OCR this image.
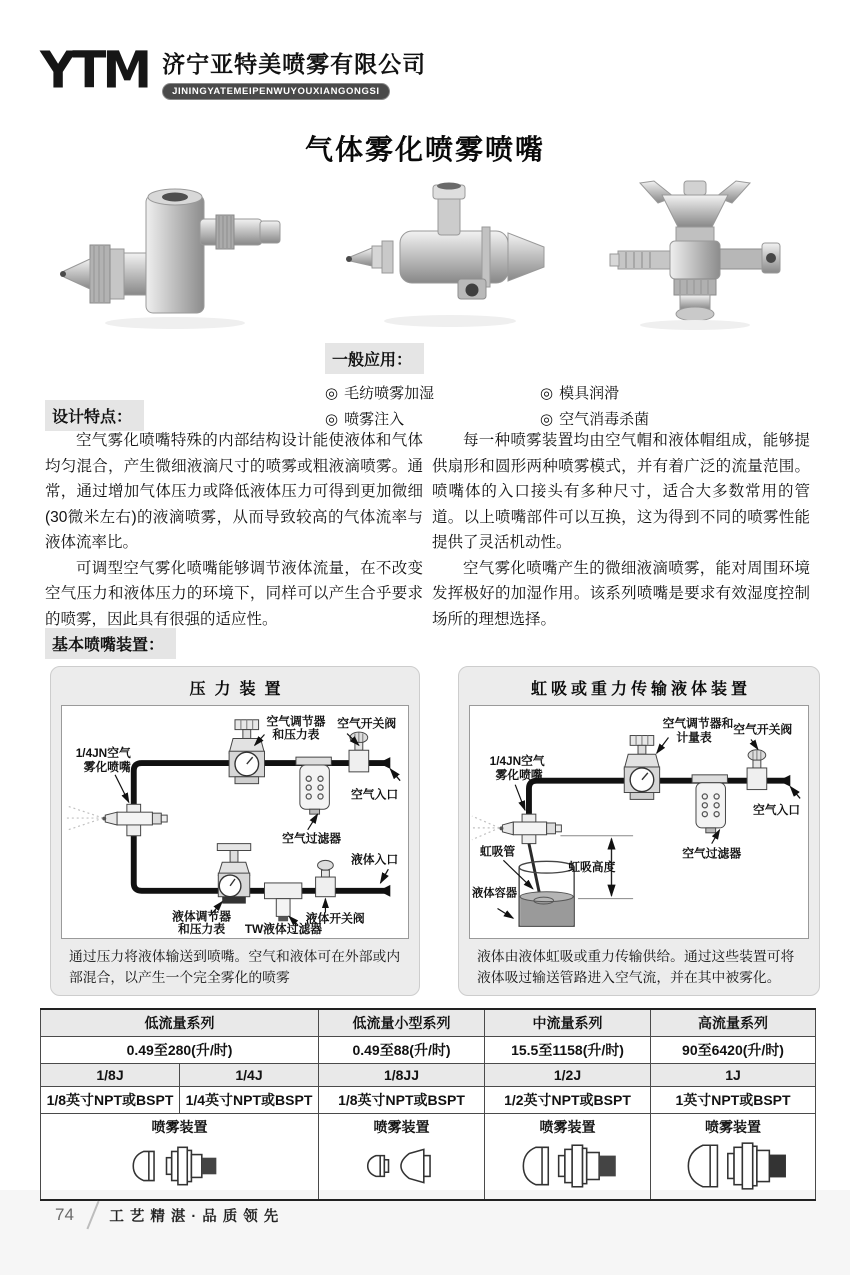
YTM 济宁亚特美喷雾有限公司
JININGYATEMEIPENWUYOUXIANGONGSI
气体雾化喷雾喷嘴
一般应用：
◎ 毛纺喷雾加湿	◎ 模具润滑
◎ 喷雾注入	◎ 空气消毒杀菌
设计特点：

空气雾化喷嘴特殊的内部结构设计能使液体和气体均匀混合，产生微细液滴尺寸的喷雾或粗液滴喷雾。通常，通过增加气体压力或降低液体压力可得到更加微细(30微米左右)的液滴喷雾，从而导致较高的气体流率与液体流率比。

可调型空气雾化喷嘴能够调节液体流量，在不改变空气压力和液体压力的环境下，同样可以产生合乎要求的喷雾，因此具有很强的适应性。

每一种喷雾装置均由空气帽和液体帽组成，能够提供扇形和圆形两种喷雾模式，并有着广泛的流量范围。喷嘴体的入口接头有多种尺寸，适合大多数常用的管道。以上喷嘴部件可以互换，这为得到不同的喷雾性能提供了灵活机动性。

空气雾化喷嘴产生的微细液滴喷雾，能对周围环境发挥极好的加湿作用。该系列喷嘴是要求有效湿度控制场所的理想选择。

基本喷嘴装置：
压力装置
1/4JN空气
雾化喷嘴
空气调节器
和压力表
空气开关阀
空气入口
空气过滤器
液体入口
液体调节器
和压力表 TW液体过滤器
液体开关阀
通过压力将液体输送到喷嘴。空气和液体可在外部或内部混合，以产生一个完全雾化的喷雾
虹吸或重力传输液体装置
1/4JN空气
雾化喷嘴
空气调节器和
计量表
空气开关阀
空气入口
空气过滤器
虹吸管
虹吸高度
液体容器
液体由液体虹吸或重力传输供给。通过这些装置可将液体吸过输送管路进入空气流，并在其中被雾化。
低流量系列		低流量小型系列	中流量系列	高流量系列
0.49至280(升/时)		0.49至88(升/时)	15.5至1158(升/时)	90至6420(升/时)
1/8J	1/4J	1/8JJ	1/2J	1J
1/8英寸NPT或BSPT	1/4英寸NPT或BSPT	1/8英寸NPT或BSPT	1/2英寸NPT或BSPT	1英寸NPT或BSPT

喷雾装置		喷雾装置	喷雾装置	喷雾装置
74 工艺精湛·品质领先
